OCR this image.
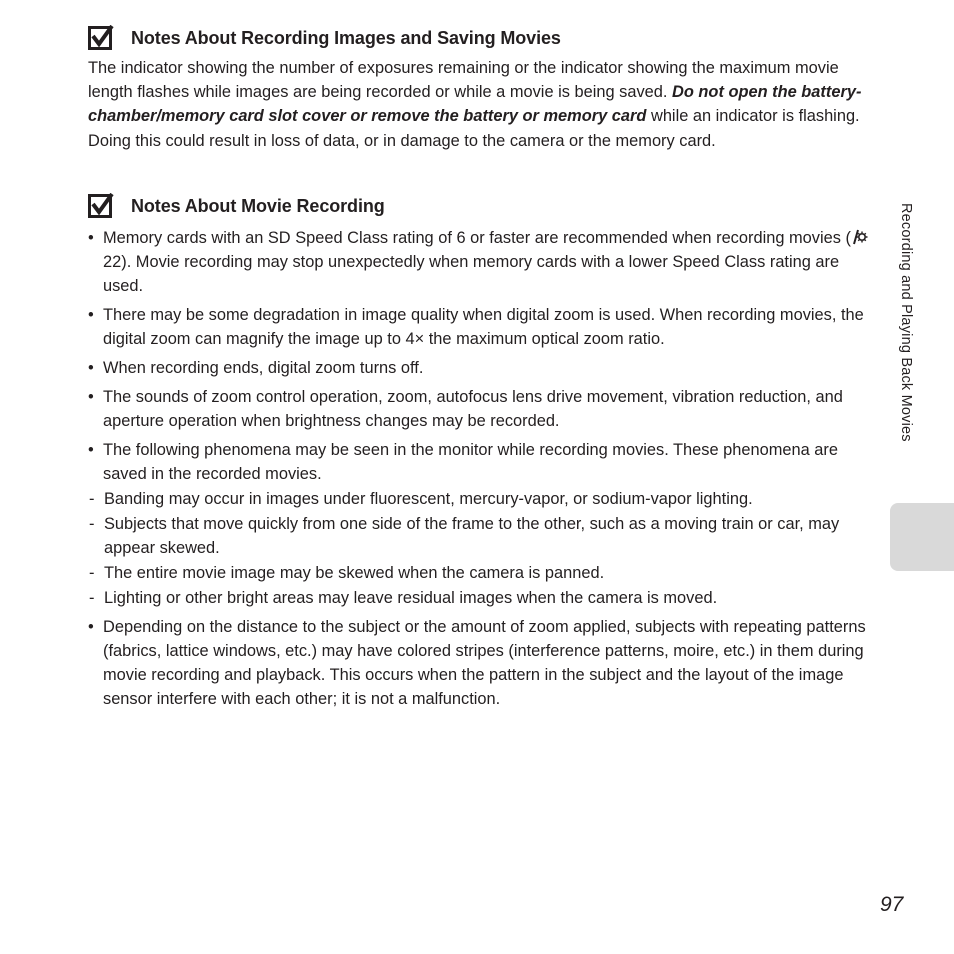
Notes About Recording Images and Saving Movies

The indicator showing the number of exposures remaining or the indicator showing the maximum movie length flashes while images are being recorded or while a movie is being saved. Do not open the battery-chamber/memory card slot cover or remove the battery or memory card while an indicator is flashing. Doing this could result in loss of data, or in damage to the camera or the memory card.

Notes About Movie Recording
• Memory cards with an SD Speed Class rating of 6 or faster are recommended when recording movies (22). Movie recording may stop unexpectedly when memory cards with a lower Speed Class rating are used.
• There may be some degradation in image quality when digital zoom is used. When recording movies, the digital zoom can magnify the image up to 4× the maximum optical zoom ratio.
• When recording ends, digital zoom turns off.
• The sounds of zoom control operation, zoom, autofocus lens drive movement, vibration reduction, and aperture operation when brightness changes may be recorded.
• The following phenomena may be seen in the monitor while recording movies. These phenomena are saved in the recorded movies.
- Banding may occur in images under fluorescent, mercury-vapor, or sodium-vapor lighting.
- Subjects that move quickly from one side of the frame to the other, such as a moving train or car, may appear skewed.
- The entire movie image may be skewed when the camera is panned.
- Lighting or other bright areas may leave residual images when the camera is moved.
• Depending on the distance to the subject or the amount of zoom applied, subjects with repeating patterns (fabrics, lattice windows, etc.) may have colored stripes (interference patterns, moire, etc.) in them during movie recording and playback. This occurs when the pattern in the subject and the layout of the image sensor interfere with each other; it is not a malfunction.
Recording and Playing Back Movies
97
